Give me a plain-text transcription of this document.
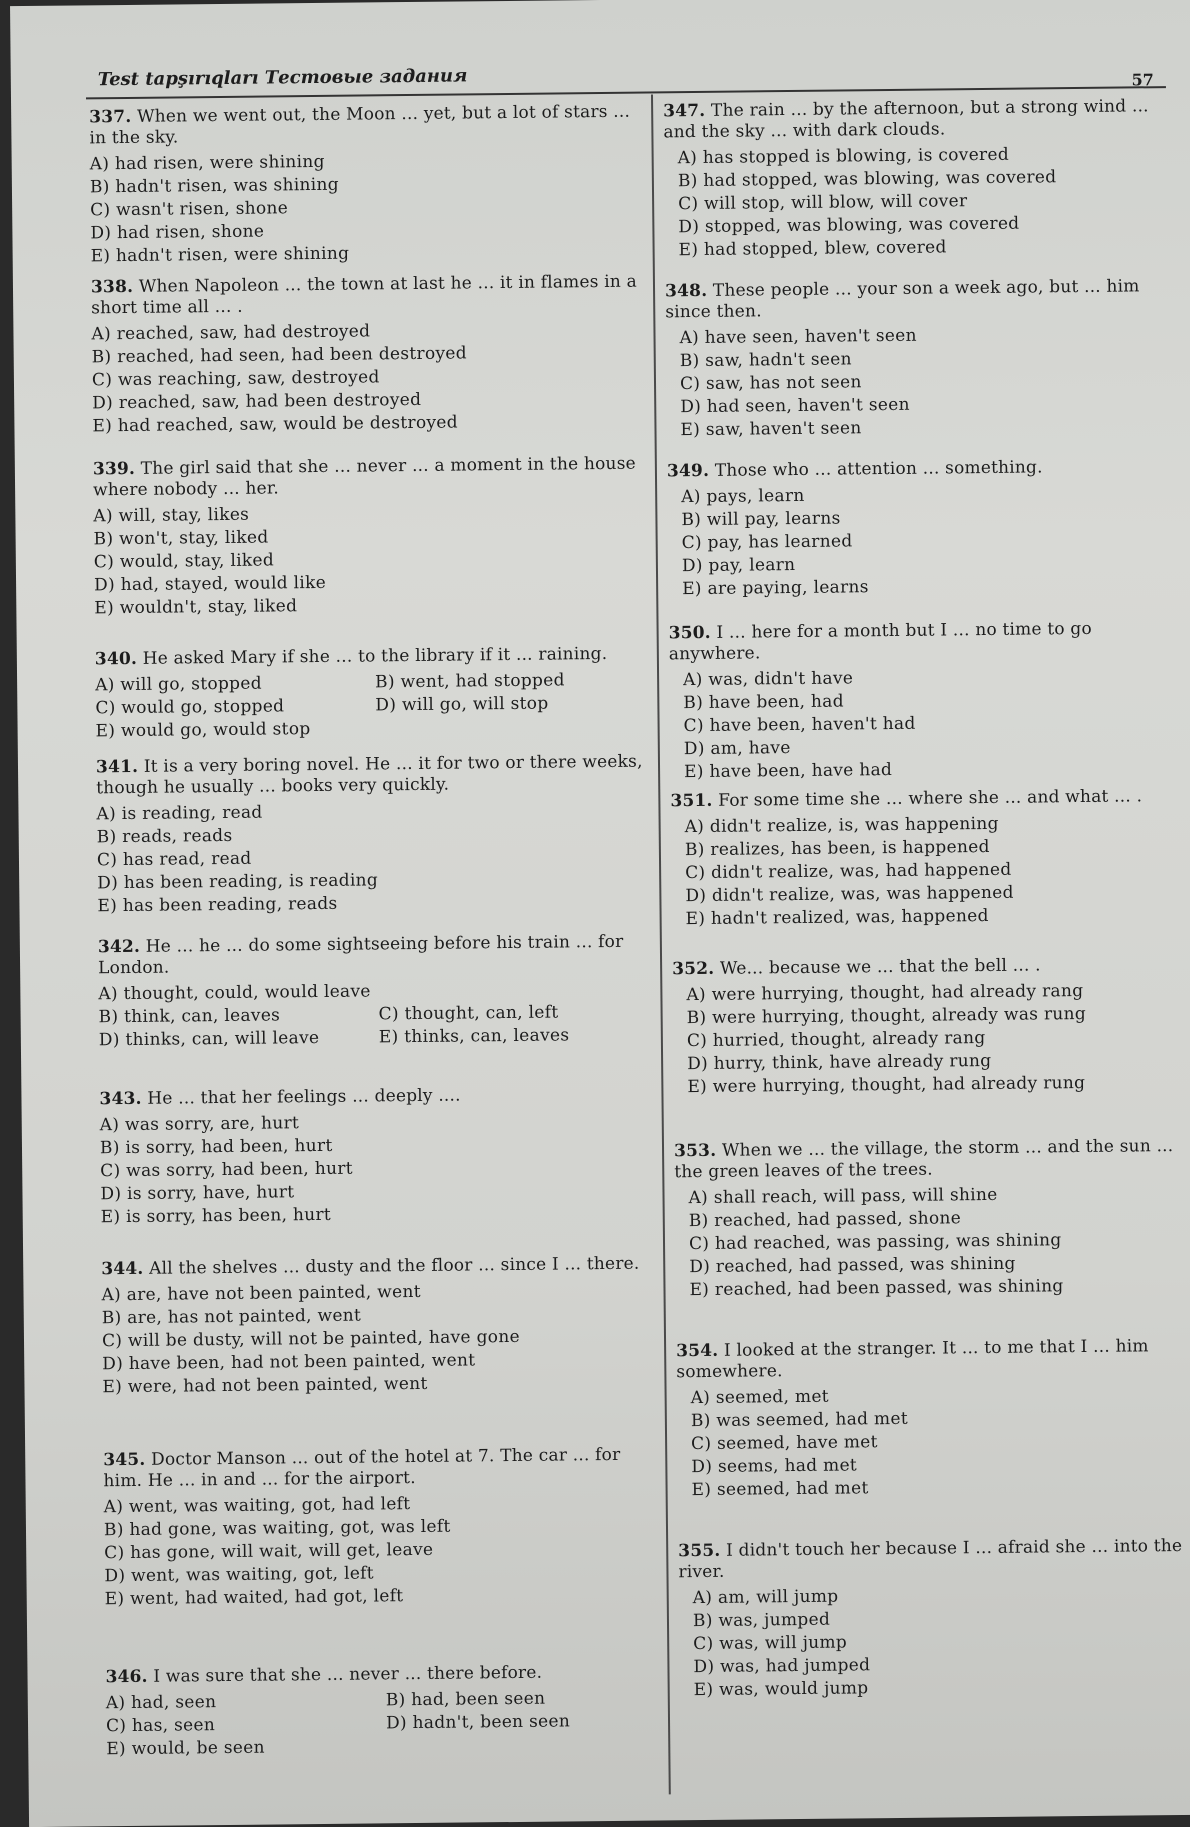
Test tapşırıqları Тестовые задания	57

337. When we went out, the Moon ... yet, but a lot of stars ... in the sky.

A) had risen, were shining
B) hadn't risen, was shining
C) wasn't risen, shone
D) had risen, shone
E) hadn't risen, were shining

338. When Napoleon ... the town at last he ... it in flames in a short time all ... .

A) reached, saw, had destroyed
B) reached, had seen, had been destroyed
C) was reaching, saw, destroyed
D) reached, saw, had been destroyed
E) had reached, saw, would be destroyed

339. The girl said that she ... never ... a moment in the house where nobody ... her.

A) will, stay, likes
B) won't, stay, liked
C) would, stay, liked
D) had, stayed, would like
E) wouldn't, stay, liked

340. He asked Mary if she ... to the library if it ... raining.

A) will go, stopped	B) went, had stopped
C) would go, stopped	D) will go, will stop
E) would go, would stop

341. It is a very boring novel. He ... it for two or there weeks, though he usually ... books very quickly.

A) is reading, read
B) reads, reads
C) has read, read
D) has been reading, is reading
E) has been reading, reads

342. He ... he ... do some sightseeing before his train ... for London.

A) thought, could, would leave
B) think, can, leaves	C) thought, can, left
D) thinks, can, will leave	E) thinks, can, leaves

343. He ... that her feelings ... deeply ....

A) was sorry, are, hurt
B) is sorry, had been, hurt
C) was sorry, had been, hurt
D) is sorry, have, hurt
E) is sorry, has been, hurt

344. All the shelves ... dusty and the floor ... since I ... there.

A) are, have not been painted, went
B) are, has not painted, went
C) will be dusty, will not be painted, have gone
D) have been, had not been painted, went
E) were, had not been painted, went

345. Doctor Manson ... out of the hotel at 7. The car ... for him. He ... in and ... for the airport.

A) went, was waiting, got, had left
B) had gone, was waiting, got, was left
C) has gone, will wait, will get, leave
D) went, was waiting, got, left
E) went, had waited, had got, left

346. I was sure that she ... never ... there before.

A) had, seen	B) had, been seen
C) has, seen	D) hadn't, been seen
E) would, be seen

347. The rain ... by the afternoon, but a strong wind ... and the sky ... with dark clouds.

A) has stopped is blowing, is covered
B) had stopped, was blowing, was covered
C) will stop, will blow, will cover
D) stopped, was blowing, was covered
E) had stopped, blew, covered

348. These people ... your son a week ago, but ... him since then.

A) have seen, haven't seen
B) saw, hadn't seen
C) saw, has not seen
D) had seen, haven't seen
E) saw, haven't seen

349. Those who ... attention ... something.

A) pays, learn
B) will pay, learns
C) pay, has learned
D) pay, learn
E) are paying, learns

350. I ... here for a month but I ... no time to go anywhere.

A) was, didn't have
B) have been, had
C) have been, haven't had
D) am, have
E) have been, have had

351. For some time she ... where she ... and what ... .

A) didn't realize, is, was happening
B) realizes, has been, is happened
C) didn't realize, was, had happened
D) didn't realize, was, was happened
E) hadn't realized, was, happened

352. We... because we ... that the bell ... .

A) were hurrying, thought, had already rang
B) were hurrying, thought, already was rung
C) hurried, thought, already rang
D) hurry, think, have already rung
E) were hurrying, thought, had already rung

353. When we ... the village, the storm ... and the sun ... the green leaves of the trees.

A) shall reach, will pass, will shine
B) reached, had passed, shone
C) had reached, was passing, was shining
D) reached, had passed, was shining
E) reached, had been passed, was shining

354. I looked at the stranger. It ... to me that I ... him somewhere.

A) seemed, met
B) was seemed, had met
C) seemed, have met
D) seems, had met
E) seemed, had met

355. I didn't touch her because I ... afraid she ... into the river.

A) am, will jump
B) was, jumped
C) was, will jump
D) was, had jumped
E) was, would jump
